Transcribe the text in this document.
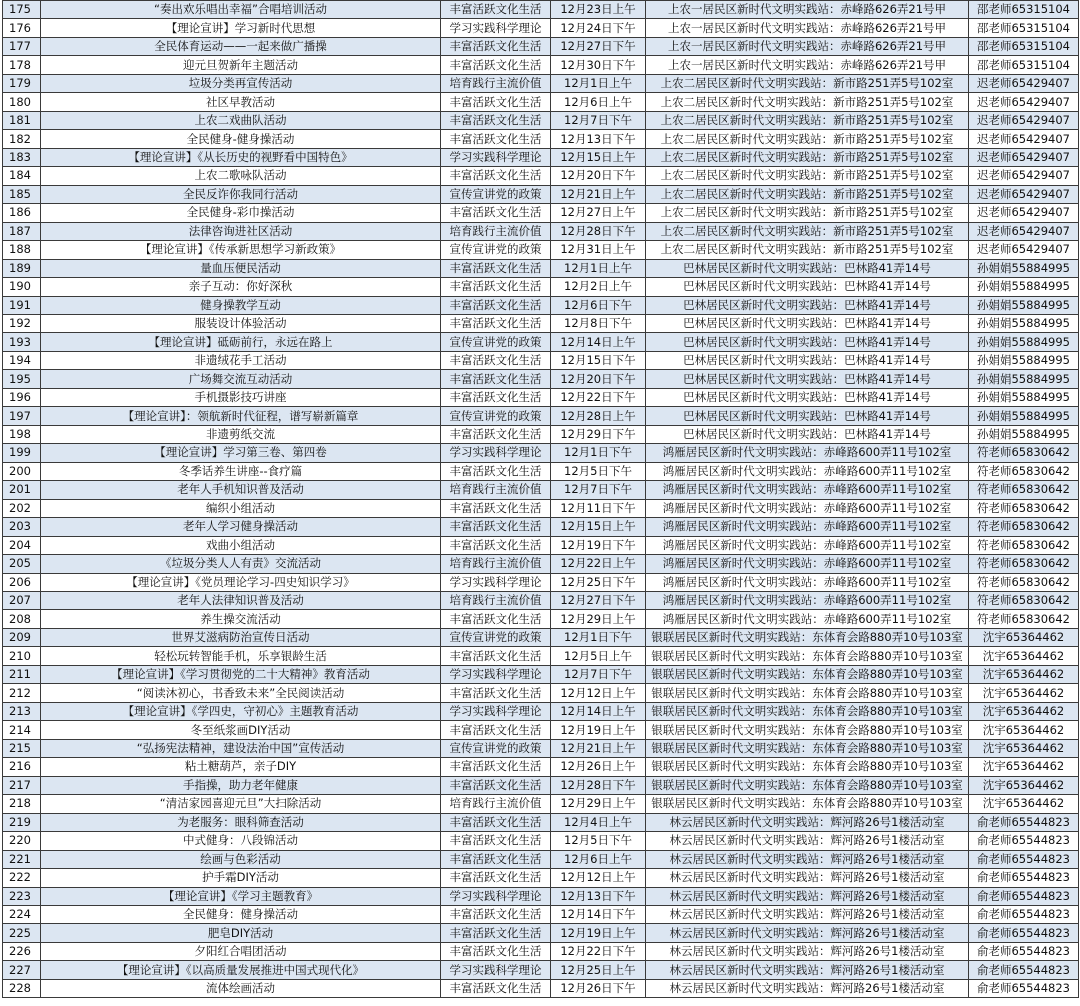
175	“奏出欢乐唱出幸福”合唱培训活动	丰富活跃文化生活	12月23日上午	上农一居民区新时代文明实践站：赤峰路626弄21号甲	邵老师65315104
176	【理论宣讲】学习新时代思想	学习实践科学理论	12月24日下午	上农一居民区新时代文明实践站：赤峰路626弄21号甲	邵老师65315104
177	全民体育运动——一起来做广播操	丰富活跃文化生活	12月27日下午	上农一居民区新时代文明实践站：赤峰路626弄21号甲	邵老师65315104
178	迎元旦贺新年主题活动	丰富活跃文化生活	12月30日下午	上农一居民区新时代文明实践站：赤峰路626弄21号甲	邵老师65315104
179	垃圾分类再宣传活动	培育践行主流价值	12月1日上午	上农二居民区新时代文明实践站：新市路251弄5号102室	迟老师65429407
180	社区早教活动	丰富活跃文化生活	12月6日上午	上农二居民区新时代文明实践站：新市路251弄5号102室	迟老师65429407
181	上农二戏曲队活动	丰富活跃文化生活	12月7日下午	上农二居民区新时代文明实践站：新市路251弄5号102室	迟老师65429407
182	全民健身-健身操活动	丰富活跃文化生活	12月13日下午	上农二居民区新时代文明实践站：新市路251弄5号102室	迟老师65429407
183	【理论宣讲】《从长历史的视野看中国特色》	学习实践科学理论	12月15日上午	上农二居民区新时代文明实践站：新市路251弄5号102室	迟老师65429407
184	上农二歌咏队活动	丰富活跃文化生活	12月20日下午	上农二居民区新时代文明实践站：新市路251弄5号102室	迟老师65429407
185	全民反诈你我同行活动	宣传宣讲党的政策	12月21日上午	上农二居民区新时代文明实践站：新市路251弄5号102室	迟老师65429407
186	全民健身-彩巾操活动	丰富活跃文化生活	12月27日上午	上农二居民区新时代文明实践站：新市路251弄5号102室	迟老师65429407
187	法律咨询进社区活动	培育践行主流价值	12月28日下午	上农二居民区新时代文明实践站：新市路251弄5号102室	迟老师65429407
188	【理论宣讲】《传承新思想学习新政策》	宣传宣讲党的政策	12月31日上午	上农二居民区新时代文明实践站：新市路251弄5号102室	迟老师65429407
189	量血压便民活动	丰富活跃文化生活	12月1日上午	巴林居民区新时代文明实践站：巴林路41弄14号	孙娟娟55884995
190	亲子互动：你好深秋	丰富活跃文化生活	12月2日上午	巴林居民区新时代文明实践站：巴林路41弄14号	孙娟娟55884995
191	健身操教学互动	丰富活跃文化生活	12月6日下午	巴林居民区新时代文明实践站：巴林路41弄14号	孙娟娟55884995
192	服装设计体验活动	丰富活跃文化生活	12月8日下午	巴林居民区新时代文明实践站：巴林路41弄14号	孙娟娟55884995
193	【理论宣讲】砥砺前行，永远在路上	宣传宣讲党的政策	12月14日上午	巴林居民区新时代文明实践站：巴林路41弄14号	孙娟娟55884995
194	非遗绒花手工活动	丰富活跃文化生活	12月15日下午	巴林居民区新时代文明实践站：巴林路41弄14号	孙娟娟55884995
195	广场舞交流互动活动	丰富活跃文化生活	12月20日下午	巴林居民区新时代文明实践站：巴林路41弄14号	孙娟娟55884995
196	手机摄影技巧讲座	丰富活跃文化生活	12月22日下午	巴林居民区新时代文明实践站：巴林路41弄14号	孙娟娟55884995
197	【理论宣讲】：领航新时代征程，谱写崭新篇章	宣传宣讲党的政策	12月28日上午	巴林居民区新时代文明实践站：巴林路41弄14号	孙娟娟55884995
198	非遗剪纸交流	丰富活跃文化生活	12月29日下午	巴林居民区新时代文明实践站：巴林路41弄14号	孙娟娟55884995
199	【理论宣讲】学习第三卷、第四卷	学习实践科学理论	12月1日下午	鸿雁居民区新时代文明实践站：赤峰路600弄11号102室	符老师65830642
200	冬季话养生讲座--食疗篇	丰富活跃文化生活	12月5日下午	鸿雁居民区新时代文明实践站：赤峰路600弄11号102室	符老师65830642
201	老年人手机知识普及活动	培育践行主流价值	12月7日下午	鸿雁居民区新时代文明实践站：赤峰路600弄11号102室	符老师65830642
202	编织小组活动	丰富活跃文化生活	12月11日下午	鸿雁居民区新时代文明实践站：赤峰路600弄11号102室	符老师65830642
203	老年人学习健身操活动	丰富活跃文化生活	12月15日上午	鸿雁居民区新时代文明实践站：赤峰路600弄11号102室	符老师65830642
204	戏曲小组活动	丰富活跃文化生活	12月19日下午	鸿雁居民区新时代文明实践站：赤峰路600弄11号102室	符老师65830642
205	《垃圾分类人人有责》交流活动	培育践行主流价值	12月22日上午	鸿雁居民区新时代文明实践站：赤峰路600弄11号102室	符老师65830642
206	【理论宣讲】《党员理论学习-四史知识学习》	学习实践科学理论	12月25日下午	鸿雁居民区新时代文明实践站：赤峰路600弄11号102室	符老师65830642
207	老年人法律知识普及活动	培育践行主流价值	12月27日下午	鸿雁居民区新时代文明实践站：赤峰路600弄11号102室	符老师65830642
208	养生操交流活动	丰富活跃文化生活	12月29日上午	鸿雁居民区新时代文明实践站：赤峰路600弄11号102室	符老师65830642
209	世界艾滋病防治宣传日活动	宣传宣讲党的政策	12月1日下午	银联居民区新时代文明实践站：东体育会路880弄10号103室	沈宇65364462
210	轻松玩转智能手机，乐享银龄生活	丰富活跃文化生活	12月5日上午	银联居民区新时代文明实践站：东体育会路880弄10号103室	沈宇65364462
211	【理论宣讲】《学习贯彻党的二十大精神》教育活动	学习实践科学理论	12月7日下午	银联居民区新时代文明实践站：东体育会路880弄10号103室	沈宇65364462
212	“阅读沐初心，书香致未来”全民阅读活动	丰富活跃文化生活	12月12日上午	银联居民区新时代文明实践站：东体育会路880弄10号103室	沈宇65364462
213	【理论宣讲】《学四史，守初心》主题教育活动	学习实践科学理论	12月14日上午	银联居民区新时代文明实践站：东体育会路880弄10号103室	沈宇65364462
214	冬至纸浆画DIY活动	丰富活跃文化生活	12月19日上午	银联居民区新时代文明实践站：东体育会路880弄10号103室	沈宇65364462
215	“弘扬宪法精神，建设法治中国”宣传活动	宣传宣讲党的政策	12月21日上午	银联居民区新时代文明实践站：东体育会路880弄10号103室	沈宇65364462
216	粘土糖葫芦，亲子DIY	丰富活跃文化生活	12月26日上午	银联居民区新时代文明实践站：东体育会路880弄10号103室	沈宇65364462
217	手指操，助力老年健康	丰富活跃文化生活	12月28日下午	银联居民区新时代文明实践站：东体育会路880弄10号103室	沈宇65364462
218	“清洁家园喜迎元旦”大扫除活动	培育践行主流价值	12月29日上午	银联居民区新时代文明实践站：东体育会路880弄10号103室	沈宇65364462
219	为老服务：眼科筛查活动	丰富活跃文化生活	12月4日上午	林云居民区新时代文明实践站：辉河路26号1楼活动室	俞老师65544823
220	中式健身：八段锦活动	丰富活跃文化生活	12月5日下午	林云居民区新时代文明实践站：辉河路26号1楼活动室	俞老师65544823
221	绘画与色彩活动	丰富活跃文化生活	12月6日上午	林云居民区新时代文明实践站：辉河路26号1楼活动室	俞老师65544823
222	护手霜DIY活动	丰富活跃文化生活	12月12日上午	林云居民区新时代文明实践站：辉河路26号1楼活动室	俞老师65544823
223	【理论宣讲】《学习主题教育》	学习实践科学理论	12月13日下午	林云居民区新时代文明实践站：辉河路26号1楼活动室	俞老师65544823
224	全民健身：健身操活动	丰富活跃文化生活	12月14日下午	林云居民区新时代文明实践站：辉河路26号1楼活动室	俞老师65544823
225	肥皂DIY活动	丰富活跃文化生活	12月19日上午	林云居民区新时代文明实践站：辉河路26号1楼活动室	俞老师65544823
226	夕阳红合唱团活动	丰富活跃文化生活	12月22日下午	林云居民区新时代文明实践站：辉河路26号1楼活动室	俞老师65544823
227	【理论宣讲】《以高质量发展推进中国式现代化》	学习实践科学理论	12月25日上午	林云居民区新时代文明实践站：辉河路26号1楼活动室	俞老师65544823
228	流体绘画活动	丰富活跃文化生活	12月26日下午	林云居民区新时代文明实践站：辉河路26号1楼活动室	俞老师65544823
